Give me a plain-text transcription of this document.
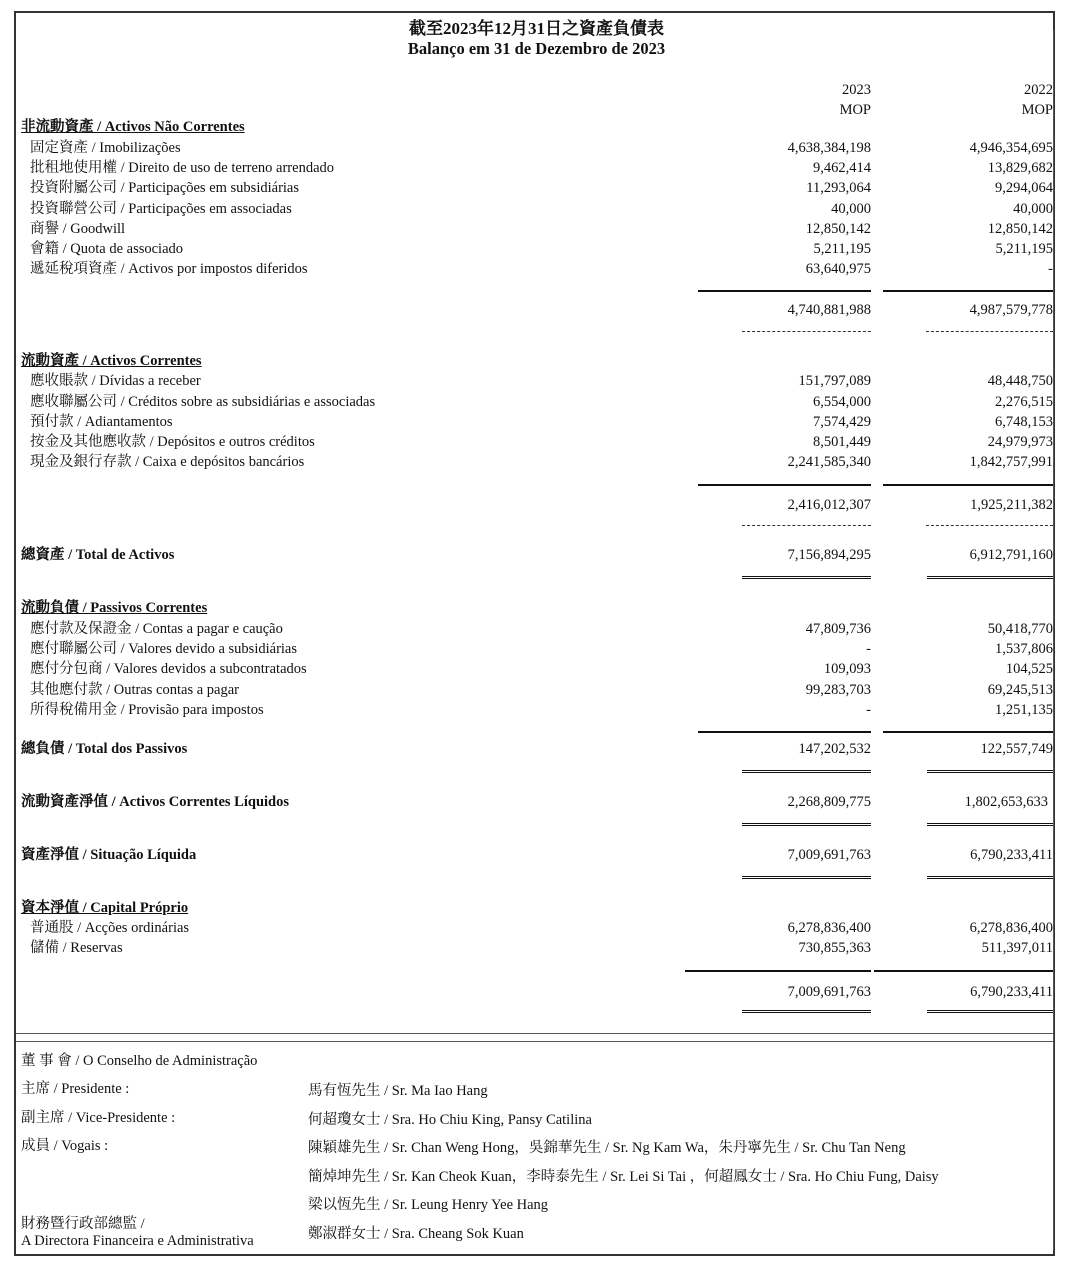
截至2023年12月31日之資產負債表
Balanço em 31 de Dezembro de 2023
2023
MOP
2022
MOP
非流動資產 / Activos Não Correntes
固定資產 / Imobilizações	4,638,384,198	4,946,354,695
批租地使用權 / Direito de uso de terreno arrendado	9,462,414	13,829,682
投資附屬公司 / Participações em subsidiárias	11,293,064	9,294,064
投資聯營公司 / Participações em associadas	40,000	40,000
商譽 / Goodwill	12,850,142	12,850,142
會籍 / Quota de associado	5,211,195	5,211,195
遞延稅項資產 / Activos por impostos diferidos	63,640,975	-
4,740,881,988	4,987,579,778
流動資產 / Activos Correntes
應收賬款 / Dívidas a receber	151,797,089	48,448,750
應收聯屬公司 / Créditos sobre as subsidiárias e associadas	6,554,000	2,276,515
預付款 / Adiantamentos	7,574,429	6,748,153
按金及其他應收款 / Depósitos e outros créditos	8,501,449	24,979,973
現金及銀行存款 / Caixa e depósitos bancários	2,241,585,340	1,842,757,991
2,416,012,307	1,925,211,382
總資產 / Total de Activos	7,156,894,295	6,912,791,160
流動負債 / Passivos Correntes
應付款及保證金 / Contas a pagar e caução	47,809,736	50,418,770
應付聯屬公司 / Valores devido a subsidiárias	-	1,537,806
應付分包商 / Valores devidos a subcontratados	109,093	104,525
其他應付款 / Outras contas a pagar	99,283,703	69,245,513
所得稅備用金 / Provisão para impostos	-	1,251,135
總負債 / Total dos Passivos	147,202,532	122,557,749
流動資產淨值 / Activos Correntes Líquidos	2,268,809,775	1,802,653,633
資產淨值 / Situação Líquida	7,009,691,763	6,790,233,411
資本淨值 / Capital Próprio
普通股 / Acções ordinárias	6,278,836,400	6,278,836,400
儲備 / Reservas	730,855,363	511,397,011
7,009,691,763	6,790,233,411
董 事 會 / O Conselho de Administração
主席 / Presidente :	馬有恆先生 / Sr. Ma Iao Hang
副主席 / Vice-Presidente :	何超瓊女士 / Sra. Ho Chiu King, Pansy Catilina
成員 / Vogais :	陳穎雄先生 / Sr. Chan Weng Hong，吳錦華先生 / Sr. Ng Kam Wa，朱丹寧先生 / Sr. Chu Tan Neng
簡焯坤先生 / Sr. Kan Cheok Kuan，李時泰先生 / Sr. Lei Si Tai ，何超鳳女士 / Sra. Ho Chiu Fung, Daisy
梁以恆先生 / Sr. Leung Henry Yee Hang
財務暨行政部總監 /
A Directora Financeira e Administrativa	鄭淑群女士 / Sra. Cheang Sok Kuan
